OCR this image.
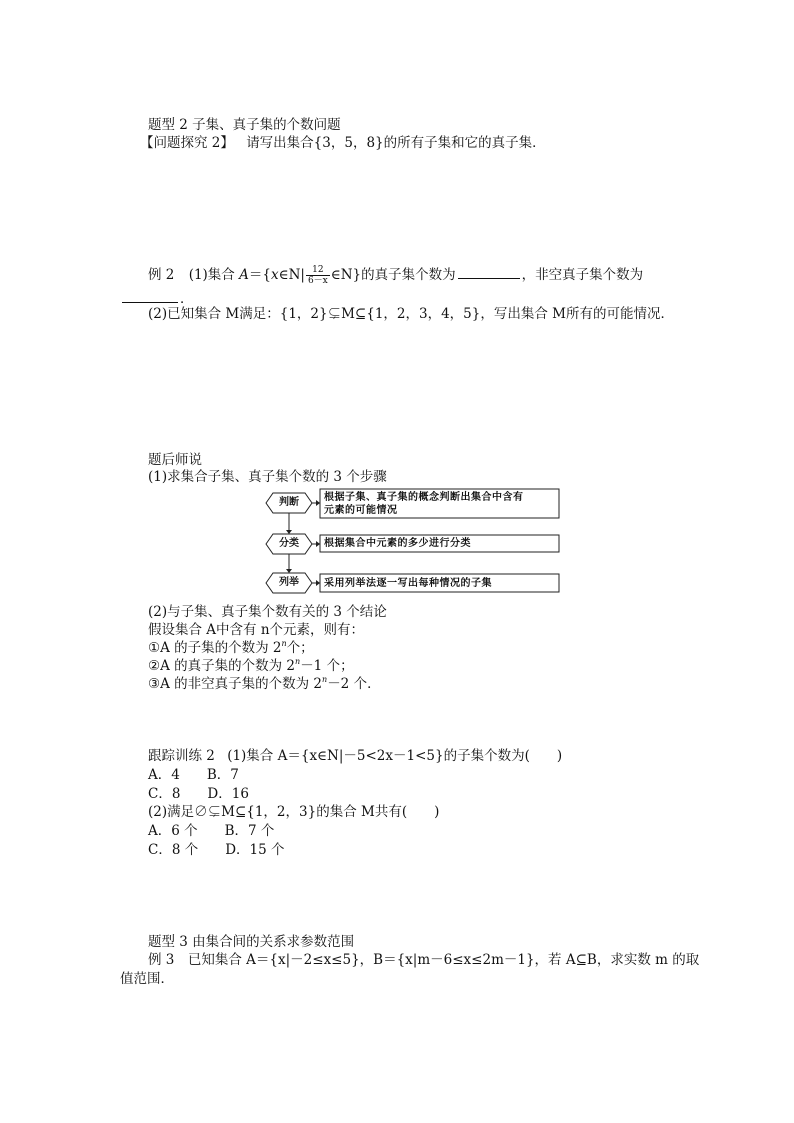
题型 2 子集、真子集的个数问题
【问题探究 2】 请写出集合{3，5，8}的所有子集和它的真子集．
例 2 (1)集合 A＝{x∈N| $\frac{12}{6-x}$ ∈N}的真子集个数为	，非空真子集个数为
．
(2)已知集合 M满足：{1，2}⊊M⊆{1，2，3，4，5}，写出集合 M所有的可能情况．
题后师说
(1)求集合子集、真子集个数的 3 个步骤
判断
分类
列举
根据子集、真子集的概念判断出集合中含有
元素的可能情况
根据集合中元素的多少进行分类
采用列举法逐一写出每种情况的子集
(2)与子集、真子集个数有关的 3 个结论
假设集合 A中含有 n个元素，则有：
①A 的子集的个数为 2$^n$个；
②A 的真子集的个数为 $2^n-1$ 个；
③A 的非空真子集的个数为 $2^n-2$ 个．
跟踪训练 2 (1)集合 A＝{x∈N|－5<2x－1<5}的子集个数为(　　)
A．4　　B．7
C．8　　D．16
(2)满足∅⊊M⊆{1，2，3}的集合 M共有(　　)
A．6 个　　B．7 个
C．8 个　　D．15 个
题型 3 由集合间的关系求参数范围
例 3　已知集合 A＝{x|－2≤x≤5}，B＝{x|m－6≤x≤2m－1}，若 A⊆B，求实数 m 的取
值范围．
